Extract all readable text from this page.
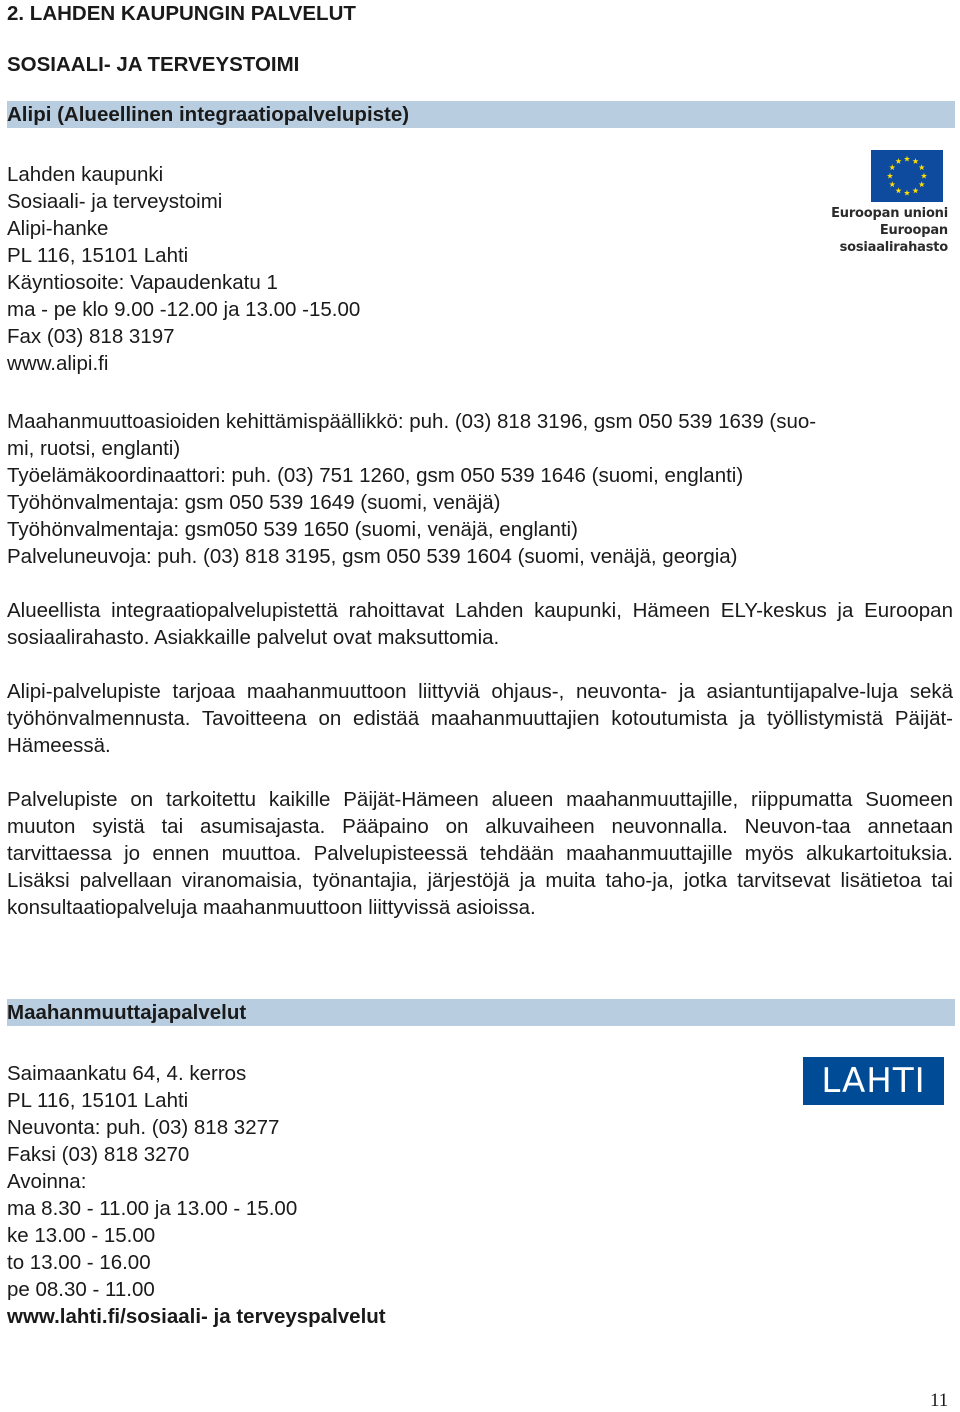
2. LAHDEN KAUPUNGIN PALVELUT
SOSIAALI- JA TERVEYSTOIMI
Alipi (Alueellinen integraatiopalvelupiste)
Lahden kaupunki
Sosiaali- ja terveystoimi
Alipi-hanke
PL 116, 15101 Lahti
Käyntiosoite: Vapaudenkatu 1
ma - pe klo 9.00 -12.00 ja 13.00 -15.00
Fax (03) 818 3197
www.alipi.fi
Maahanmuuttoasioiden kehittämispäällikkö: puh. (03) 818 3196, gsm 050 539 1639 (suo-
mi, ruotsi, englanti)
Työelämäkoordinaattori: puh. (03) 751 1260, gsm 050 539 1646 (suomi, englanti)
Työhönvalmentaja: gsm 050 539 1649 (suomi, venäjä)
Työhönvalmentaja: gsm050 539 1650 (suomi, venäjä, englanti)
Palveluneuvoja: puh. (03) 818 3195, gsm 050 539 1604 (suomi, venäjä, georgia)
Alueellista integraatiopalvelupistettä rahoittavat Lahden kaupunki, Hämeen ELY-keskus ja Euroopan sosiaalirahasto. Asiakkaille palvelut ovat maksuttomia.
Alipi-palvelupiste tarjoaa maahanmuuttoon liittyviä ohjaus-, neuvonta- ja asiantuntijapalve-luja sekä työhönvalmennusta. Tavoitteena on edistää maahanmuuttajien kotoutumista ja työllistymistä Päijät-Hämeessä.
Palvelupiste on tarkoitettu kaikille Päijät-Hämeen alueen maahanmuuttajille, riippumatta Suomeen muuton syistä tai asumisajasta. Pääpaino on alkuvaiheen neuvonnalla. Neuvon-taa annetaan tarvittaessa jo ennen muuttoa. Palvelupisteessä tehdään maahanmuuttajille myös alkukartoituksia. Lisäksi palvellaan viranomaisia, työnantajia, järjestöjä ja muita taho-ja, jotka tarvitsevat lisätietoa tai konsultaatiopalveluja maahanmuuttoon liittyvissä asioissa.
Maahanmuuttajapalvelut
Saimaankatu 64, 4. kerros
PL 116, 15101 Lahti
Neuvonta: puh. (03) 818 3277
Faksi (03) 818 3270
Avoinna:
ma 8.30 - 11.00 ja 13.00 - 15.00
ke 13.00 - 15.00
to 13.00 - 16.00
pe 08.30 - 11.00
www.lahti.fi/sosiaali- ja terveyspalvelut
Euroopan unioni
Euroopan sosiaalirahasto
LAHTI
11
